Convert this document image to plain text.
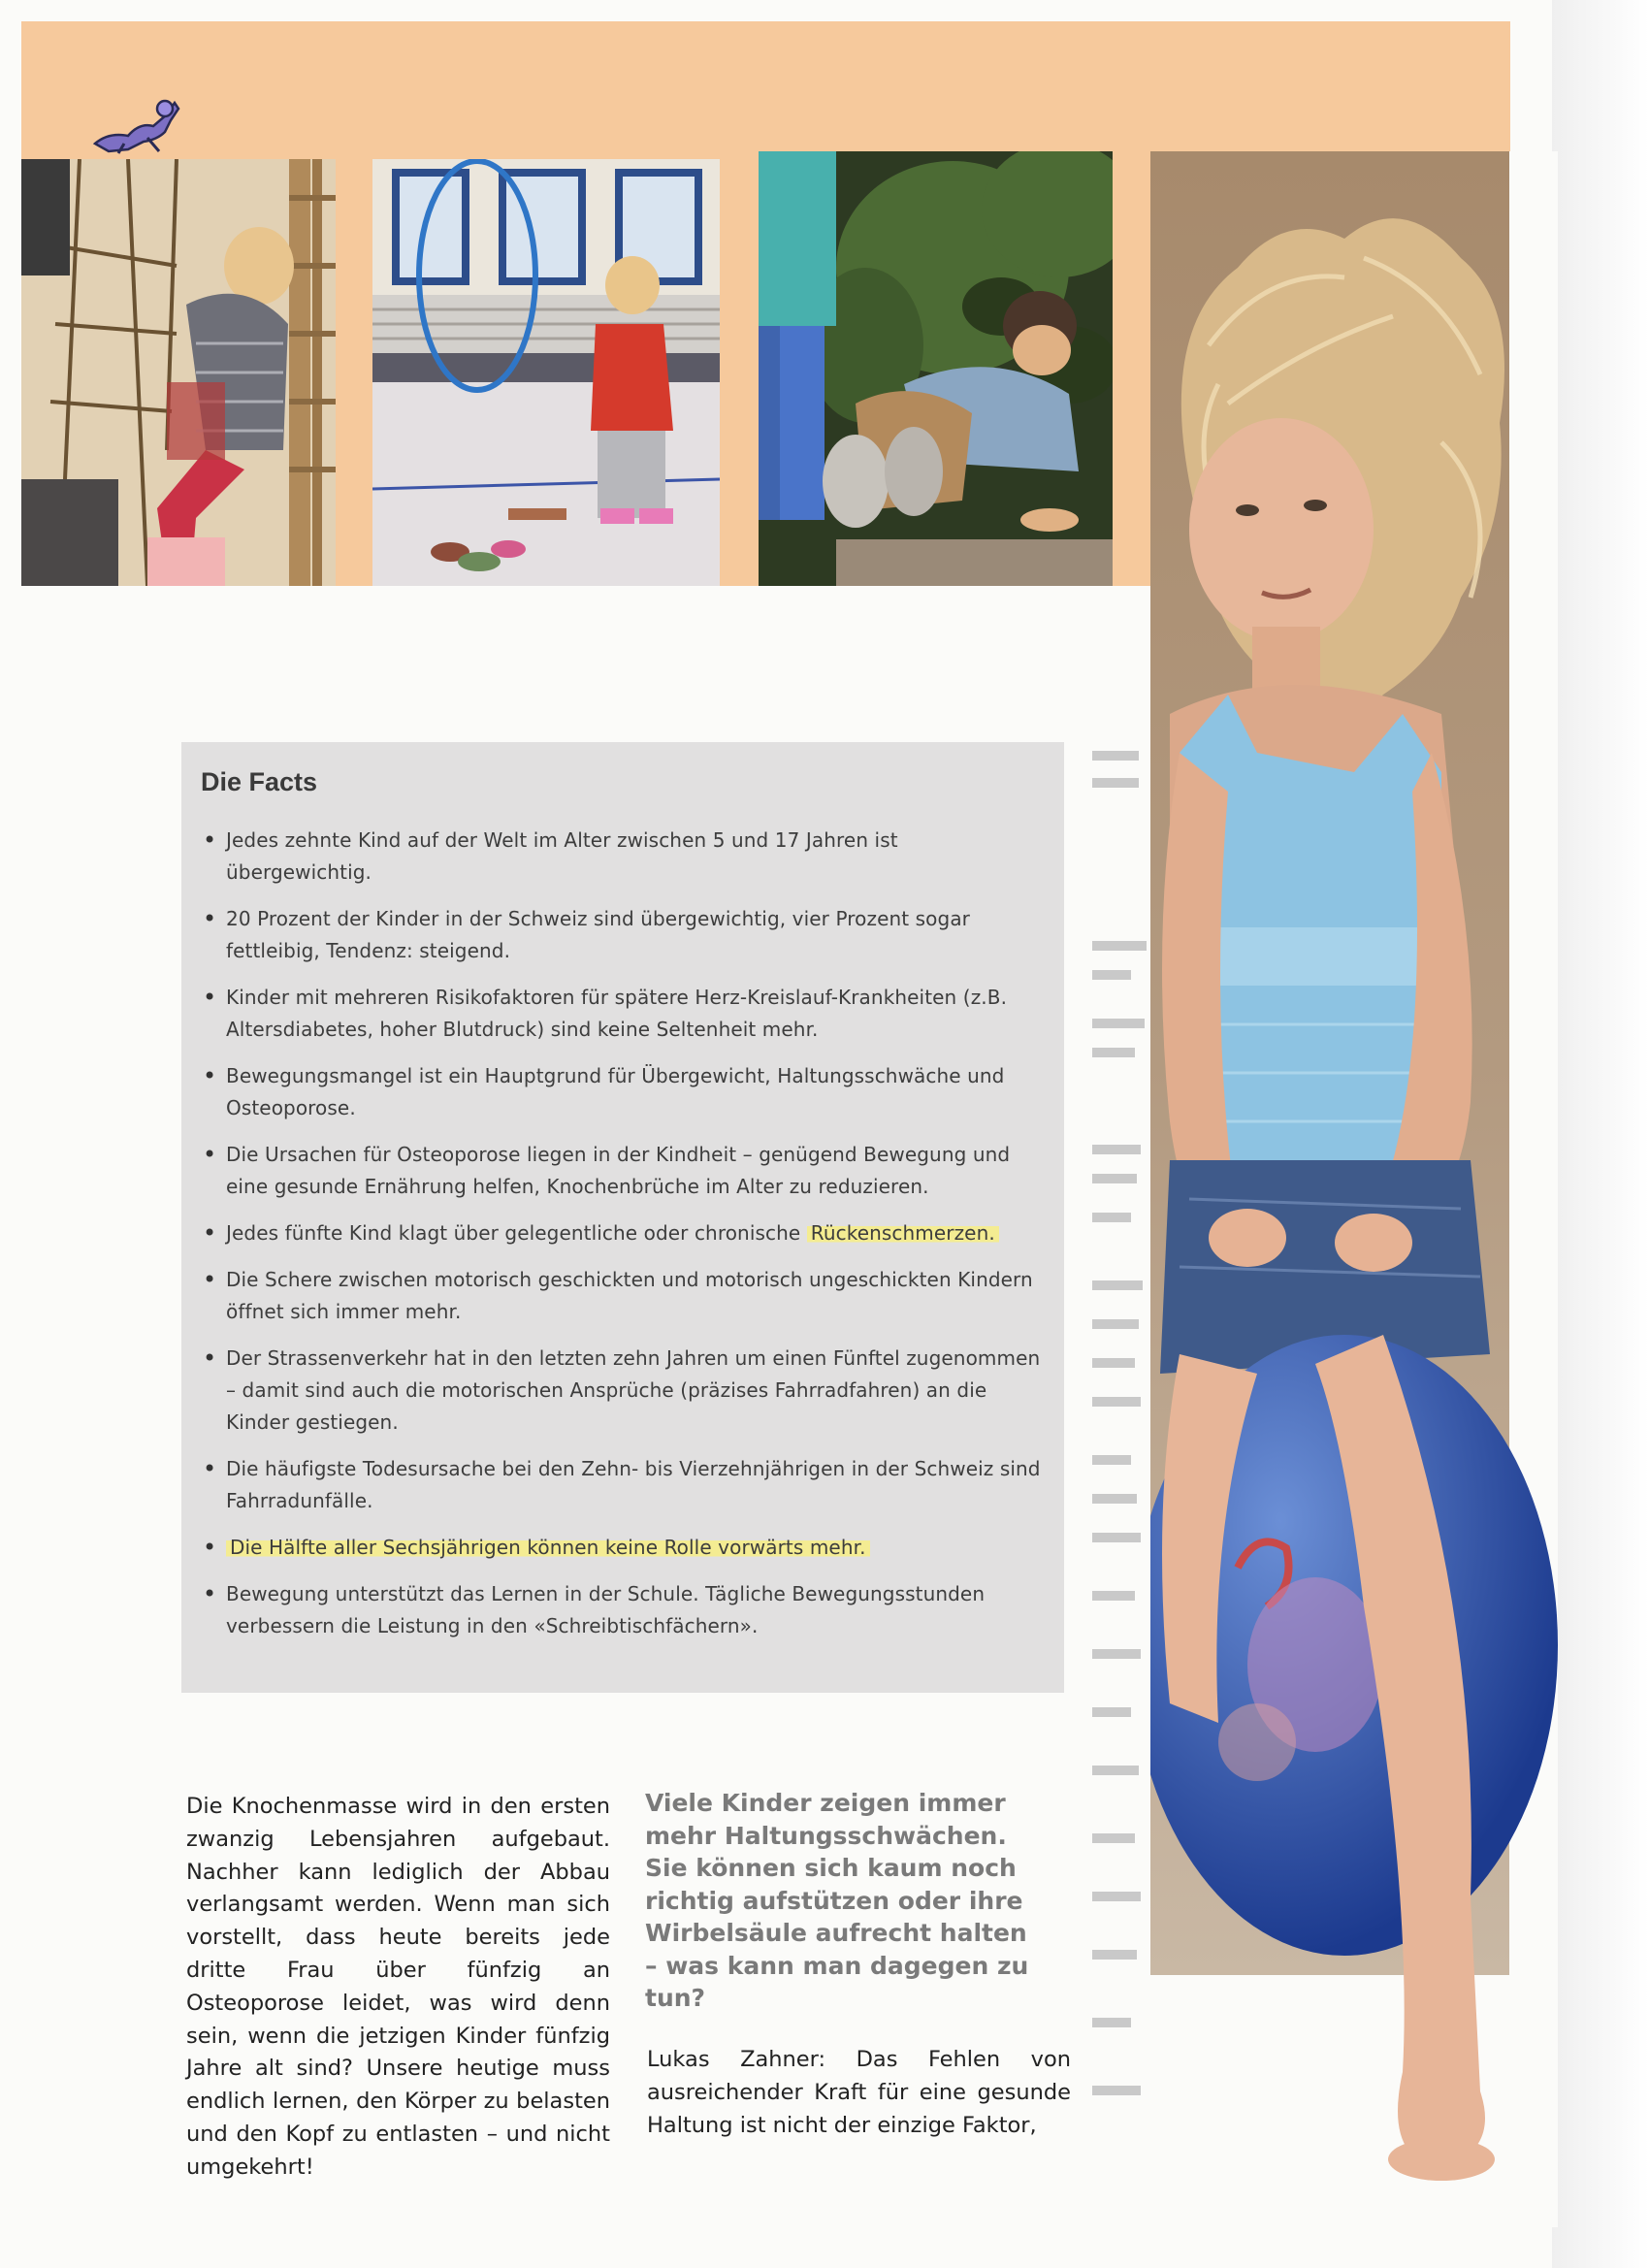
Die Facts
• Jedes zehnte Kind auf der Welt im Alter zwischen 5 und 17 Jahren ist übergewichtig.
• 20 Prozent der Kinder in der Schweiz sind übergewichtig, vier Prozent sogar fettleibig, Tendenz: steigend.
• Kinder mit mehreren Risikofaktoren für spätere Herz-Kreislauf-Krankheiten (z.B. Altersdiabetes, hoher Blutdruck) sind keine Seltenheit mehr.
• Bewegungsmangel ist ein Hauptgrund für Übergewicht, Haltungsschwäche und Osteoporose.
• Die Ursachen für Osteoporose liegen in der Kindheit – genügend Bewegung und eine gesunde Ernährung helfen, Knochenbrüche im Alter zu reduzieren.
• Jedes fünfte Kind klagt über gelegentliche oder chronische Rückenschmerzen.
• Die Schere zwischen motorisch geschickten und motorisch ungeschickten Kindern öffnet sich immer mehr.
• Der Strassenverkehr hat in den letzten zehn Jahren um einen Fünftel zugenommen – damit sind auch die motorischen Ansprüche (präzises Fahrradfahren) an die Kinder gestiegen.
• Die häufigste Todesursache bei den Zehn- bis Vierzehnjährigen in der Schweiz sind Fahrradunfälle.
• Die Hälfte aller Sechsjährigen können keine Rolle vorwärts mehr.
• Bewegung unterstützt das Lernen in der Schule. Tägliche Bewegungsstunden verbessern die Leistung in den «Schreibtischfächern».
Die Knochenmasse wird in den ersten zwanzig Lebensjahren aufgebaut. Nachher kann lediglich der Abbau verlangsamt werden. Wenn man sich vorstellt, dass heute bereits jede dritte Frau über fünfzig an Osteoporose leidet, was wird denn sein, wenn die jetzigen Kinder fünfzig Jahre alt sind? Unsere heutige muss endlich lernen, den Körper zu belasten und den Kopf zu entlasten – und nicht umgekehrt!
Viele Kinder zeigen immer mehr Haltungsschwächen. Sie können sich kaum noch richtig aufstützen oder ihre Wirbelsäule aufrecht halten – was kann man dagegen zu tun?
Lukas Zahner: Das Fehlen von ausreichender Kraft für eine gesunde Haltung ist nicht der einzige Faktor,
